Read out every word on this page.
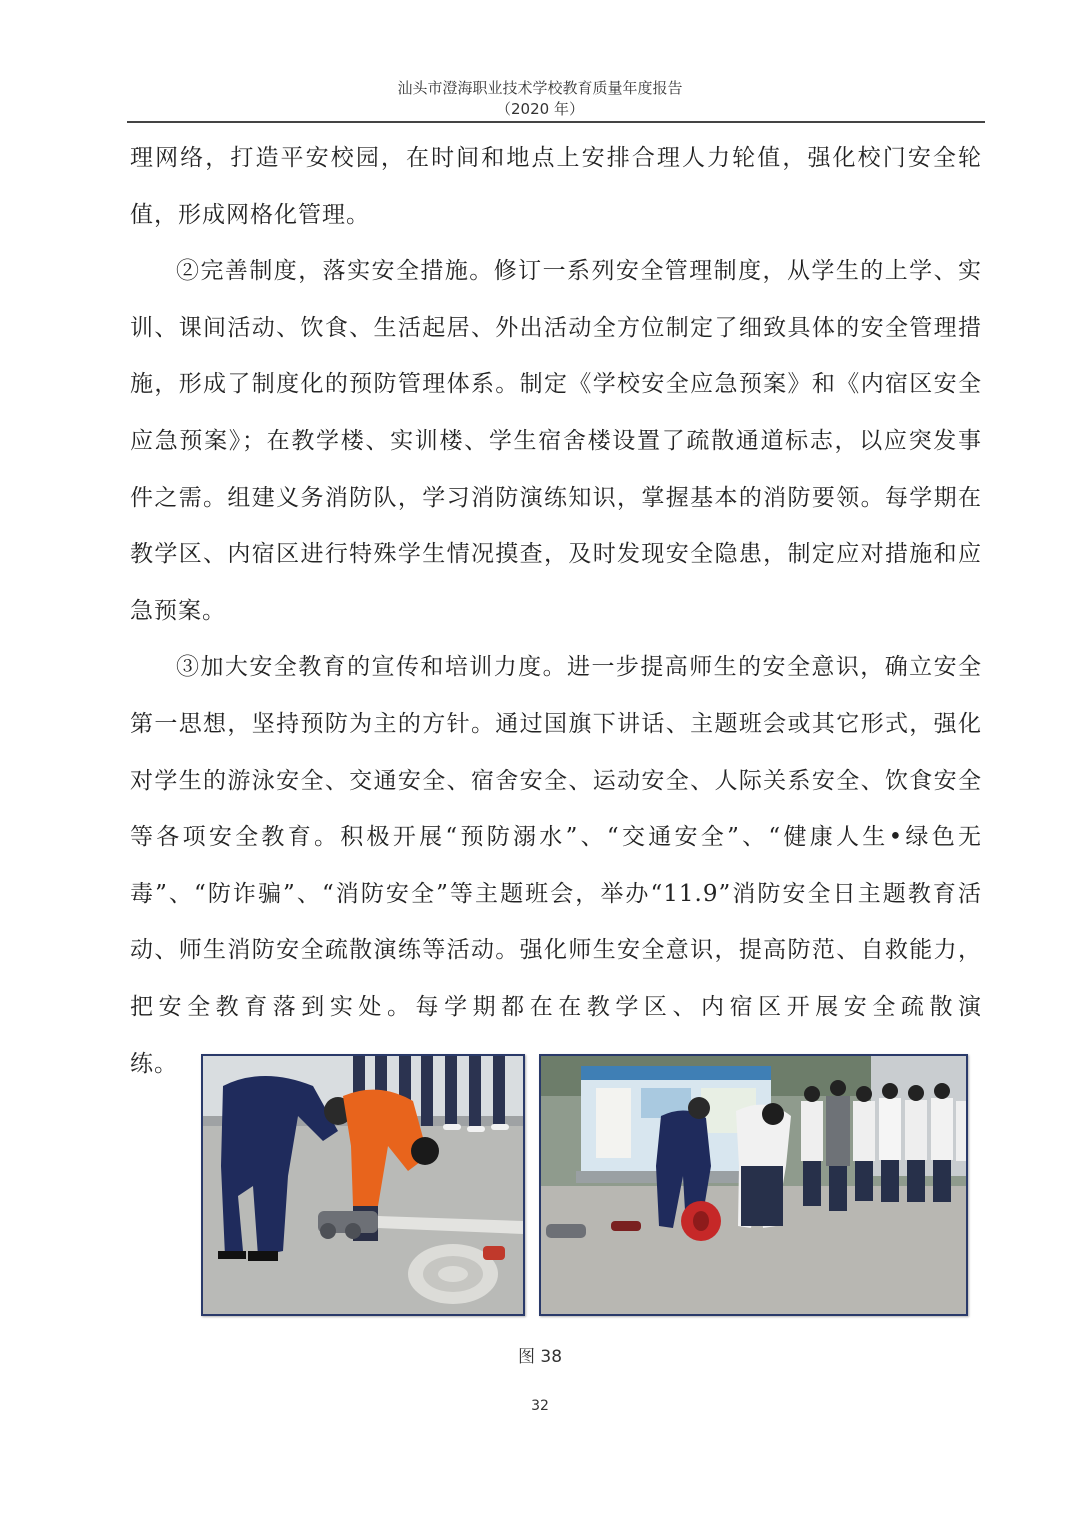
汕头市澄海职业技术学校教育质量年度报告
（2020 年）

理网络，打造平安校园，在时间和地点上安排合理人力轮值，强化校门安全轮值，形成网格化管理。

②完善制度，落实安全措施。修订一系列安全管理制度，从学生的上学、实训、课间活动、饮食、生活起居、外出活动全方位制定了细致具体的安全管理措施，形成了制度化的预防管理体系。制定《学校安全应急预案》和《内宿区安全应急预案》；在教学楼、实训楼、学生宿舍楼设置了疏散通道标志，以应突发事件之需。组建义务消防队，学习消防演练知识，掌握基本的消防要领。每学期在教学区、内宿区进行特殊学生情况摸查，及时发现安全隐患，制定应对措施和应急预案。

③加大安全教育的宣传和培训力度。进一步提高师生的安全意识，确立安全第一思想，坚持预防为主的方针。通过国旗下讲话、主题班会或其它形式，强化对学生的游泳安全、交通安全、宿舍安全、运动安全、人际关系安全、饮食安全等各项安全教育。积极开展“预防溺水”、“交通安全”、“健康人生•绿色无毒”、“防诈骗”、“消防安全”等主题班会，举办“11.9”消防安全日主题教育活动、师生消防安全疏散演练等活动。强化师生安全意识，提高防范、自救能力，把安全教育落到实处。每学期都在在教学区、内宿区开展安全疏散演

练。
图 38
32
